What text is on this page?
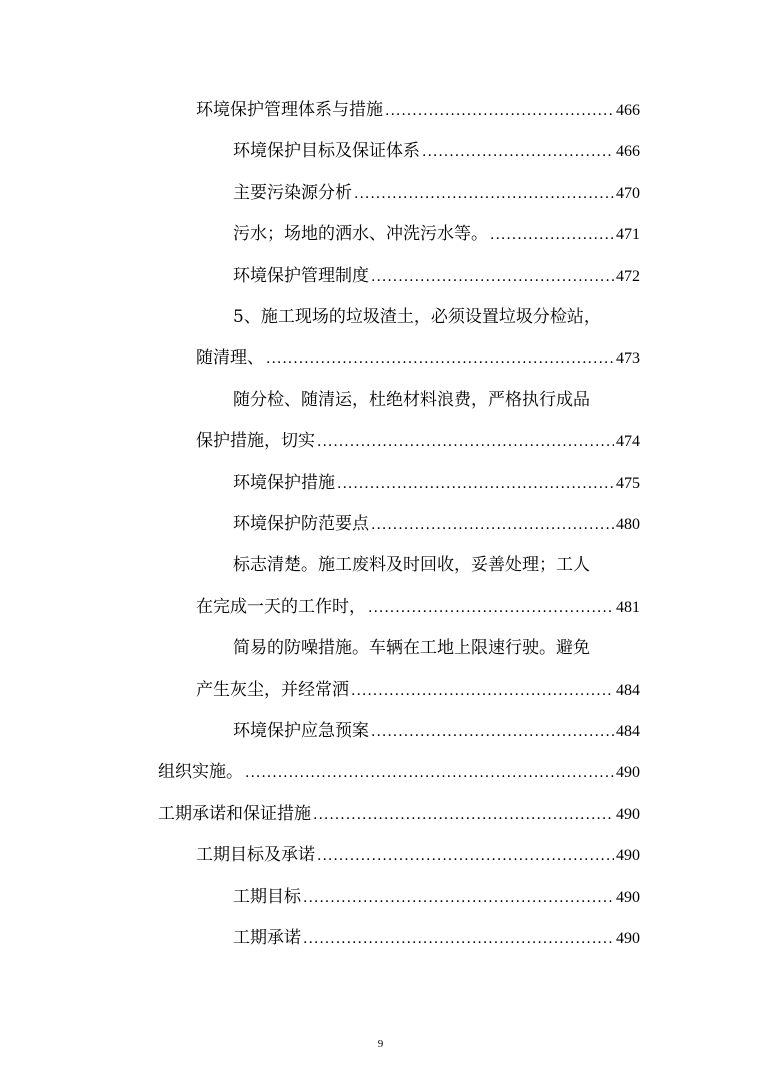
环境保护管理体系与措施 .....	466
环境保护目标及保证体系 .....	466
主要污染源分析 .....	470
污水；场地的洒水、冲洗污水等。 .....	471
环境保护管理制度 .....	472
5、施工现场的垃圾渣土，必须设置垃圾分检站，
随清理、 .....	473
随分检、随清运，杜绝材料浪费，严格执行成品
保护措施，切实 .....	474
环境保护措施 .....	475
环境保护防范要点 .....	480
标志清楚。施工废料及时回收，妥善处理；工人
在完成一天的工作时， .....	481
简易的防噪措施。车辆在工地上限速行驶。避免
产生灰尘，并经常洒 .....	484
环境保护应急预案 .....	484
组织实施。 .....	490
工期承诺和保证措施 .....	490
工期目标及承诺 .....	490
工期目标 .....	490
工期承诺 .....	490
9
